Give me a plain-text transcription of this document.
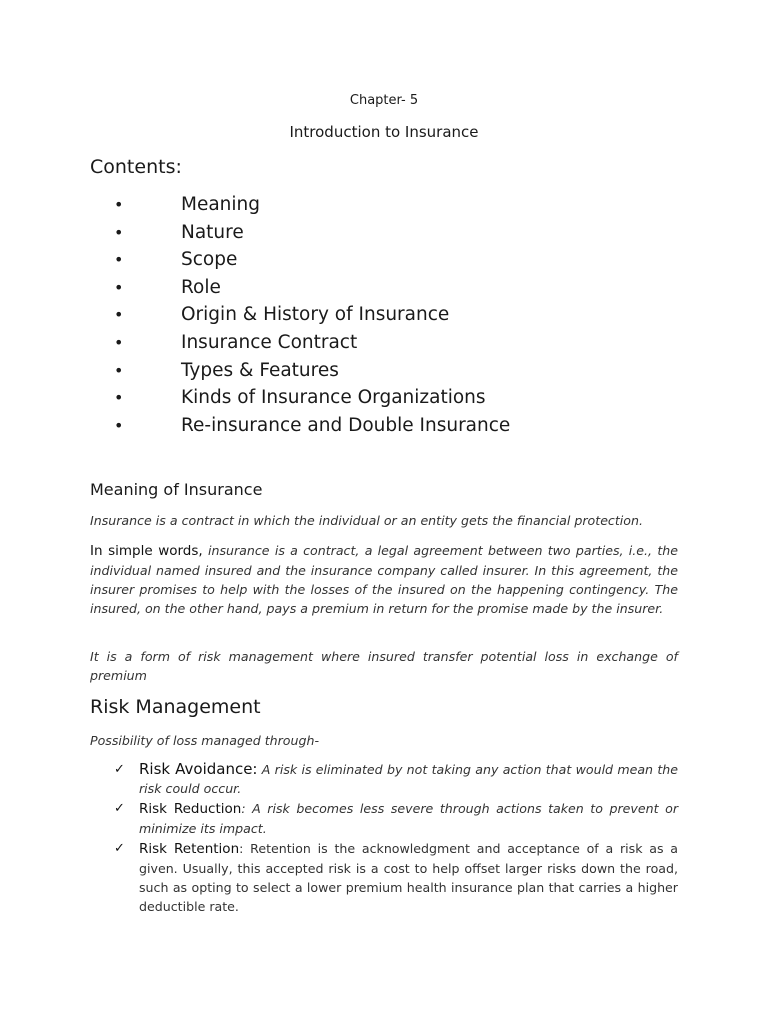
Chapter- 5
Introduction to Insurance
Contents:
•	Meaning
•	Nature
•	Scope
•	Role
•	Origin & History of Insurance
•	Insurance Contract
•	Types & Features
•	Kinds of Insurance Organizations
•	Re-insurance and Double Insurance
Meaning of Insurance
Insurance is a contract in which the individual or an entity gets the financial protection.
In simple words, insurance is a contract, a legal agreement between two parties, i.e., the individual named insured and the insurance company called insurer. In this agreement, the insurer promises to help with the losses of the insured on the happening contingency. The insured, on the other hand, pays a premium in return for the promise made by the insurer.
It is a form of risk management where insured transfer potential loss in exchange of premium
Risk Management
Possibility of loss managed through-
✓ Risk Avoidance: A risk is eliminated by not taking any action that would mean the risk could occur.
✓ Risk Reduction: A risk becomes less severe through actions taken to prevent or minimize its impact.
✓ Risk Retention: Retention is the acknowledgment and acceptance of a risk as a given. Usually, this accepted risk is a cost to help offset larger risks down the road, such as opting to select a lower premium health insurance plan that carries a higher deductible rate.
